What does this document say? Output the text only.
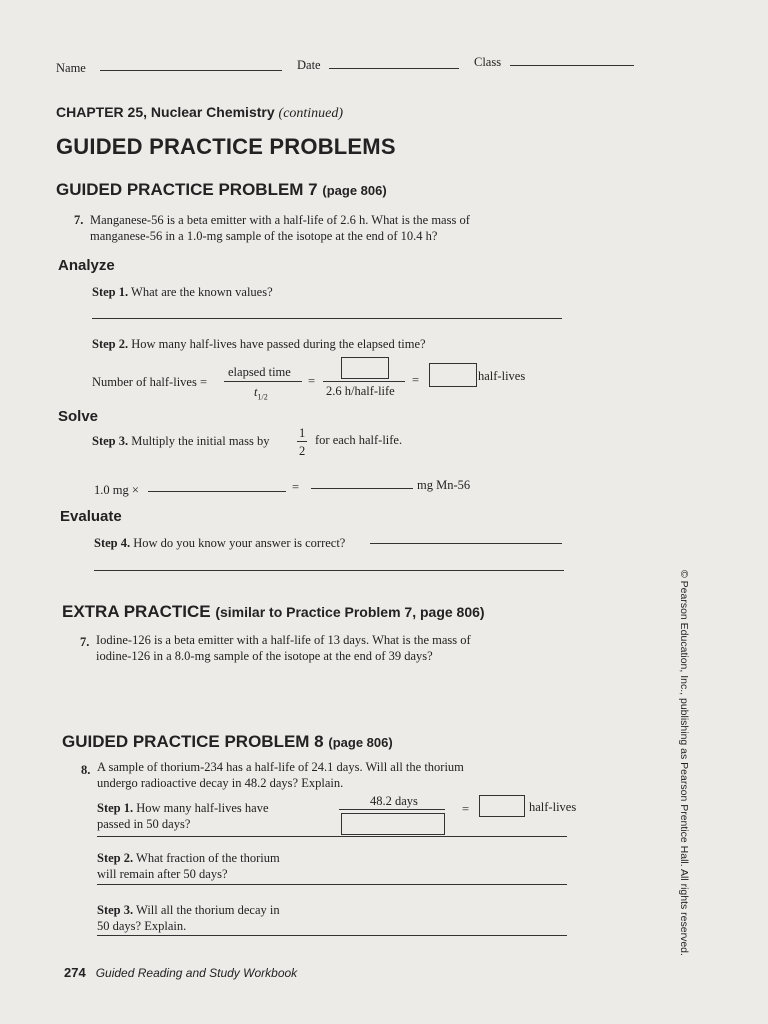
Name	Date	Class
CHAPTER 25, Nuclear Chemistry (continued)
GUIDED PRACTICE PROBLEMS
GUIDED PRACTICE PROBLEM 7 (page 806)
7. Manganese-56 is a beta emitter with a half-life of 2.6 h. What is the mass of
manganese-56 in a 1.0-mg sample of the isotope at the end of 10.4 h?
Analyze
Step 1. What are the known values?
Step 2. How many half-lives have passed during the elapsed time?
Number of half-lives =
elapsed time
$t_{1/2}$
=
2.6 h/half-life
=	half-lives
Solve
Step 3. Multiply the initial mass by
1
2
for each half-life.
1.0 mg ×	=	mg Mn-56
Evaluate
Step 4. How do you know your answer is correct?
EXTRA PRACTICE (similar to Practice Problem 7, page 806)
7. Iodine-126 is a beta emitter with a half-life of 13 days. What is the mass of
iodine-126 in a 8.0-mg sample of the isotope at the end of 39 days?
GUIDED PRACTICE PROBLEM 8 (page 806)
8. A sample of thorium-234 has a half-life of 24.1 days. Will all the thorium
undergo radioactive decay in 48.2 days? Explain.
Step 1. How many half-lives have
passed in 50 days?
48.2 days
=	half-lives
Step 2. What fraction of the thorium
will remain after 50 days?
Step 3. Will all the thorium decay in
50 days? Explain.	© Pearson Education, Inc., publishing as Pearson Prentice Hall. All rights reserved.
274 Guided Reading and Study Workbook
